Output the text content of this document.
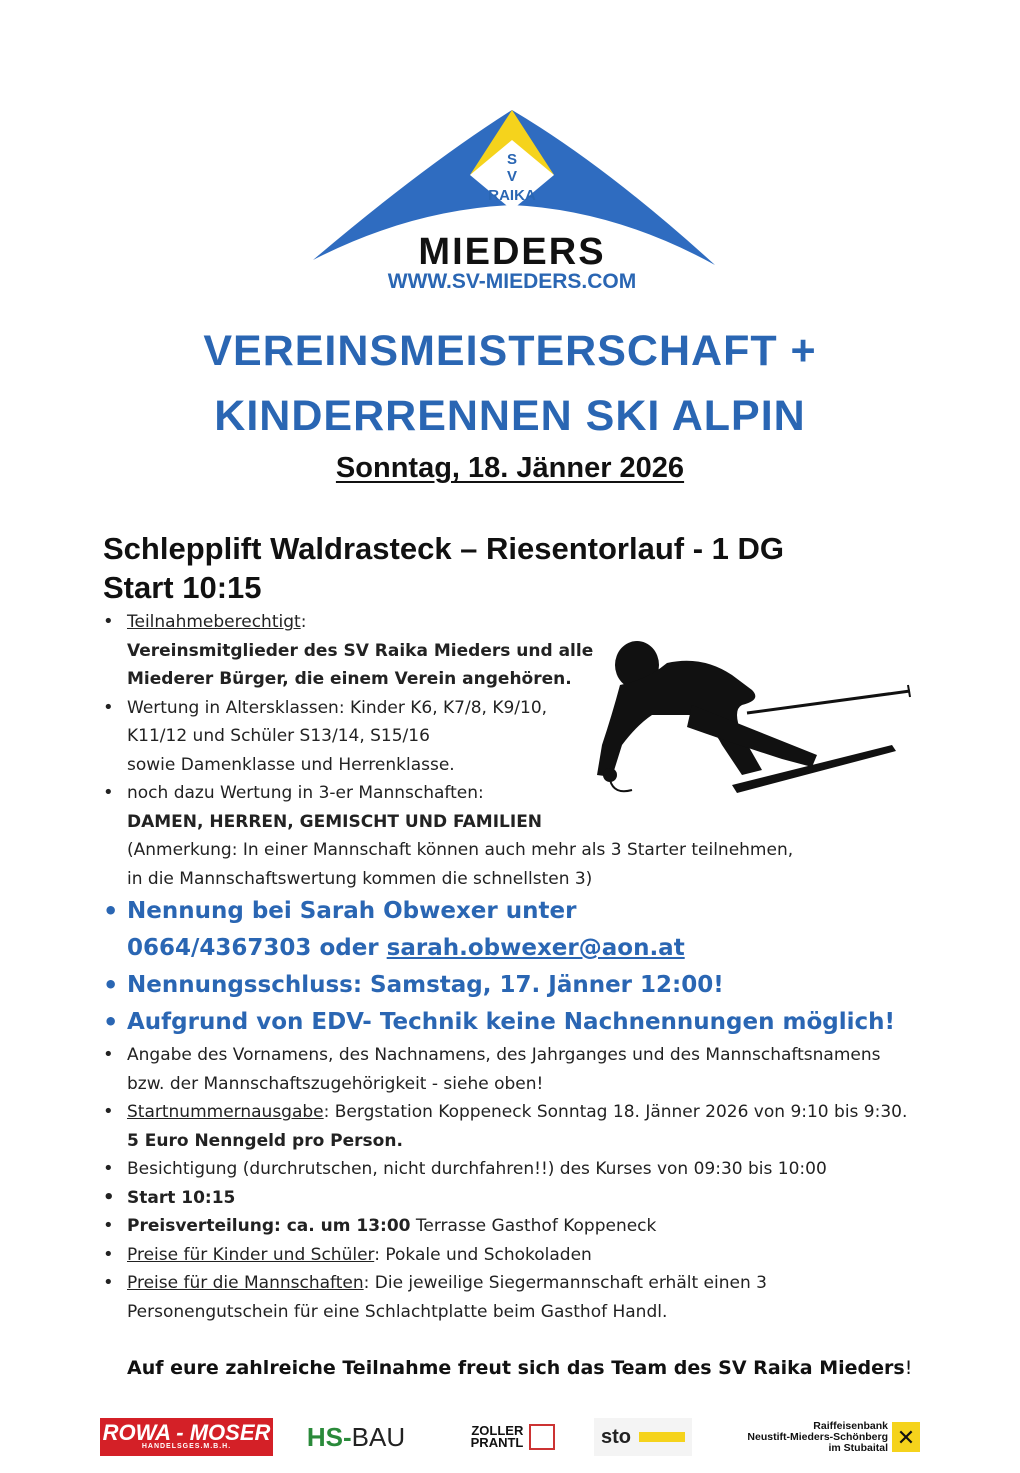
S
V
RAIKA
MIEDERS
WWW.SV-MIEDERS.COM
VEREINSMEISTERSCHAFT +
KINDERRENNEN SKI ALPIN
Sonntag, 18. Jänner 2026
Schlepplift Waldrasteck – Riesentorlauf - 1 DG
Start 10:15
• Teilnahmeberechtigt:
Vereinsmitglieder des SV Raika Mieders und alle
Miederer Bürger, die einem Verein angehören.
• Wertung in Altersklassen: Kinder K6, K7/8, K9/10,
K11/12 und Schüler S13/14, S15/16
sowie Damenklasse und Herrenklasse.
• noch dazu Wertung in 3-er Mannschaften:
DAMEN, HERREN, GEMISCHT UND FAMILIEN
(Anmerkung: In einer Mannschaft können auch mehr als 3 Starter teilnehmen,
in die Mannschaftswertung kommen die schnellsten 3)
• Nennung bei Sarah Obwexer unter
0664/4367303 oder sarah.obwexer@aon.at
• Nennungsschluss: Samstag, 17. Jänner 12:00!
• Aufgrund von EDV- Technik keine Nachnennungen möglich!
• Angabe des Vornamens, des Nachnamens, des Jahrganges und des Mannschaftsnamens
bzw. der Mannschaftszugehörigkeit - siehe oben!
• Startnummernausgabe: Bergstation Koppeneck Sonntag 18. Jänner 2026 von 9:10 bis 9:30.
5 Euro Nenngeld pro Person.
• Besichtigung (durchrutschen, nicht durchfahren!!) des Kurses von 09:30 bis 10:00
• Start 10:15
• Preisverteilung: ca. um 13:00 Terrasse Gasthof Koppeneck
• Preise für Kinder und Schüler: Pokale und Schokoladen
• Preise für die Mannschaften: Die jeweilige Siegermannschaft erhält einen 3
Personengutschein für eine Schlachtplatte beim Gasthof Handl.
Auf eure zahlreiche Teilnahme freut sich das Team des SV Raika Mieders!
ROWA - MOSER
HANDELSGES.M.B.H.	HS- BAU	ZOLLER
PRANTL	sto	Raiffeisenbank
Neustift-Mieders-Schönberg
im Stubaital ✕
